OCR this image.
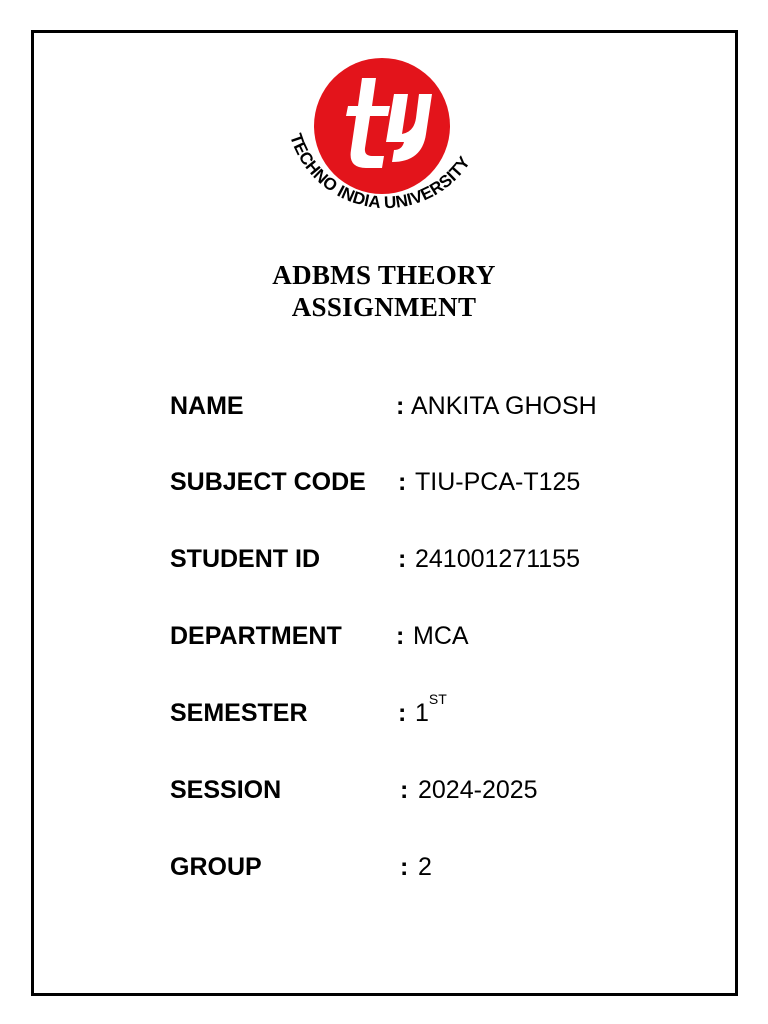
TECHNO INDIA UNIVERSITY
ADBMS THEORY
ASSIGNMENT
NAME	: ANKITA GHOSH
SUBJECT CODE : TIU-PCA-T125
STUDENT ID	: 241001271155
DEPARTMENT : MCA
SEMESTER	: 1ST
SESSION	: 2024-2025
GROUP	: 2
